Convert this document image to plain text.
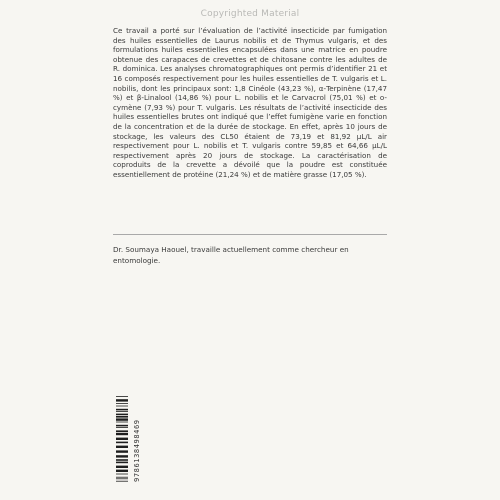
Copyrighted Material

Ce travail a porté sur l’évaluation de l’activité insecticide par fumigation des huiles essentielles de Laurus nobilis et de Thymus vulgaris, et des formulations huiles essentielles encapsulées dans une matrice en poudre obtenue des carapaces de crevettes et de chitosane contre les adultes de R. dominica. Les analyses chromatographiques ont permis d’identifier 21 et 16 composés respectivement pour les huiles essentielles de T. vulgaris et L. nobilis, dont les principaux sont: 1,8 Cinéole (43,23 %), α-Terpinène (17,47 %) et β-Linalool (14,86 %) pour L. nobilis et le Carvacrol (75,01 %) et o-cymène (7,93 %) pour T. vulgaris. Les résultats de l’activité insecticide des huiles essentielles brutes ont indiqué que l’effet fumigène varie en fonction de la concentration et de la durée de stockage. En effet, après 10 jours de stockage, les valeurs des CL50 étaient de 73,19 et 81,92 µL/L air respectivement pour L. nobilis et T. vulgaris contre 59,85 et 64,66 µL/L respectivement après 20 jours de stockage. La caractérisation de coproduits de la crevette a dévoilé que la poudre est constituée essentiellement de protéine (21,24 %) et de matière grasse (17,05 %).

Dr. Soumaya Haouel, travaille actuellement comme chercheur en entomologie.

9786138498469
